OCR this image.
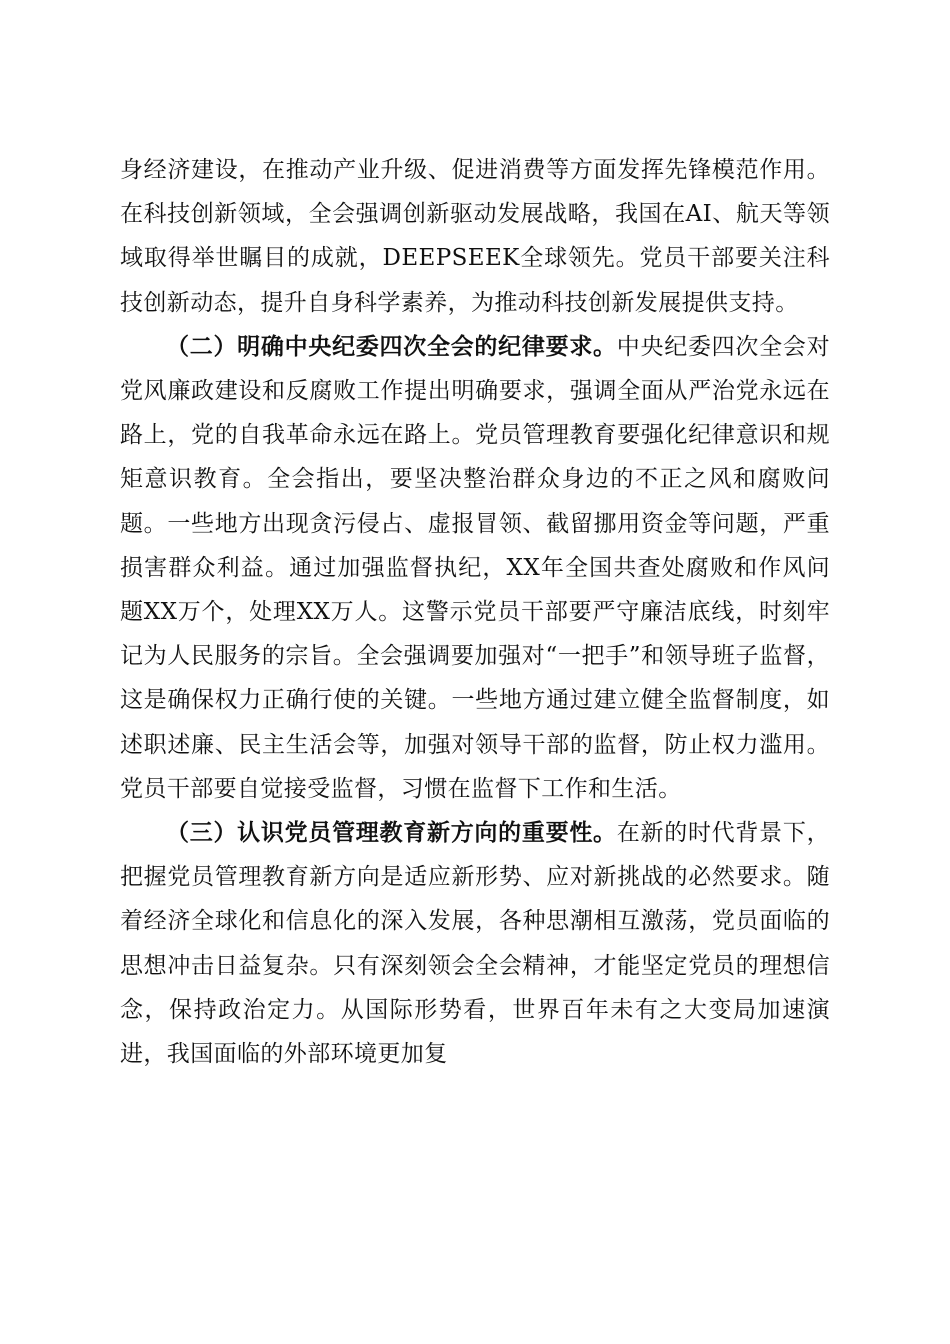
身经济建设，在推动产业升级、促进消费等方面发挥先锋模范作用。在科技创新领域，全会强调创新驱动发展战略，我国在AI、航天等领域取得举世瞩目的成就，DEEPSEEK全球领先。党员干部要关注科技创新动态，提升自身科学素养，为推动科技创新发展提供支持。

（二）明确中央纪委四次全会的纪律要求。中央纪委四次全会对党风廉政建设和反腐败工作提出明确要求，强调全面从严治党永远在路上，党的自我革命永远在路上。党员管理教育要强化纪律意识和规矩意识教育。全会指出，要坚决整治群众身边的不正之风和腐败问题。一些地方出现贪污侵占、虚报冒领、截留挪用资金等问题，严重损害群众利益。通过加强监督执纪，XX年全国共查处腐败和作风问题XX万个，处理XX万人。这警示党员干部要严守廉洁底线，时刻牢记为人民服务的宗旨。全会强调要加强对“一把手”和领导班子监督，这是确保权力正确行使的关键。一些地方通过建立健全监督制度，如述职述廉、民主生活会等，加强对领导干部的监督，防止权力滥用。党员干部要自觉接受监督，习惯在监督下工作和生活。

（三）认识党员管理教育新方向的重要性。在新的时代背景下，把握党员管理教育新方向是适应新形势、应对新挑战的必然要求。随着经济全球化和信息化的深入发展，各种思潮相互激荡，党员面临的思想冲击日益复杂。只有深刻领会全会精神，才能坚定党员的理想信念，保持政治定力。从国际形势看，世界百年未有之大变局加速演进，我国面临的外部环境更加复
